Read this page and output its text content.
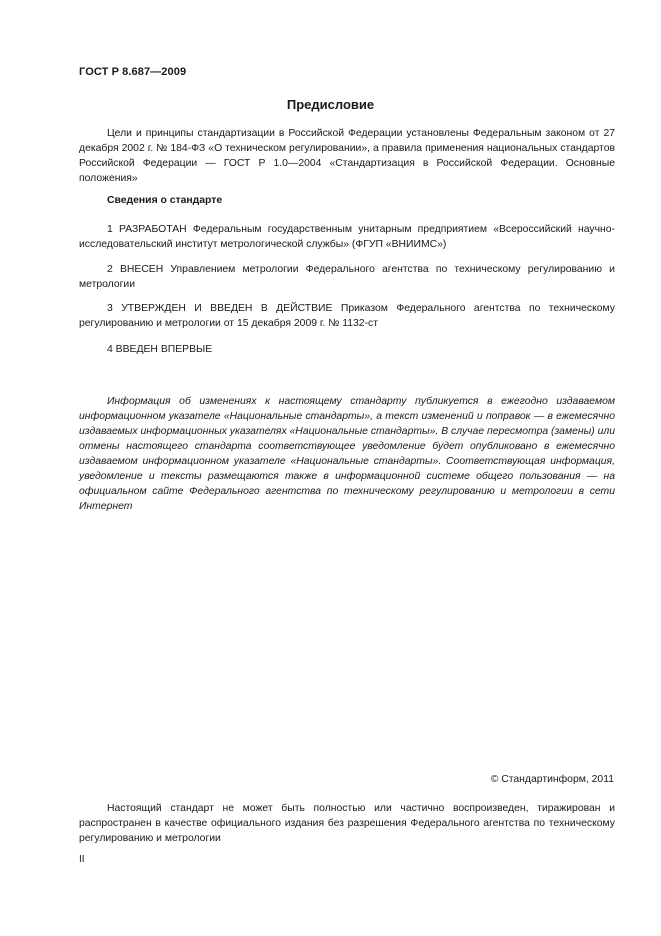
ГОСТ Р 8.687—2009
Предисловие
Цели и принципы стандартизации в Российской Федерации установлены Федеральным законом от 27 декабря 2002 г. № 184-ФЗ «О техническом регулировании», а правила применения национальных стандартов Российской Федерации — ГОСТ Р 1.0—2004 «Стандартизация в Российской Федерации. Основные положения»
Сведения о стандарте
1 РАЗРАБОТАН Федеральным государственным унитарным предприятием «Всероссийский научно-исследовательский институт метрологической службы» (ФГУП «ВНИИМС»)
2 ВНЕСЕН Управлением метрологии Федерального агентства по техническому регулированию и метрологии
3 УТВЕРЖДЕН И ВВЕДЕН В ДЕЙСТВИЕ Приказом Федерального агентства по техническому регулированию и метрологии от 15 декабря 2009 г. № 1132-ст
4 ВВЕДЕН ВПЕРВЫЕ
Информация об изменениях к настоящему стандарту публикуется в ежегодно издаваемом информационном указателе «Национальные стандарты», а текст изменений и поправок — в ежемесячно издаваемых информационных указателях «Национальные стандарты». В случае пересмотра (замены) или отмены настоящего стандарта соответствующее уведомление будет опубликовано в ежемесячно издаваемом информационном указателе «Национальные стандарты». Соответствующая информация, уведомление и тексты размещаются также в информационной системе общего пользования — на официальном сайте Федерального агентства по техническому регулированию и метрологии в сети Интернет
© Стандартинформ, 2011
Настоящий стандарт не может быть полностью или частично воспроизведен, тиражирован и распространен в качестве официального издания без разрешения Федерального агентства по техническому регулированию и метрологии
II
